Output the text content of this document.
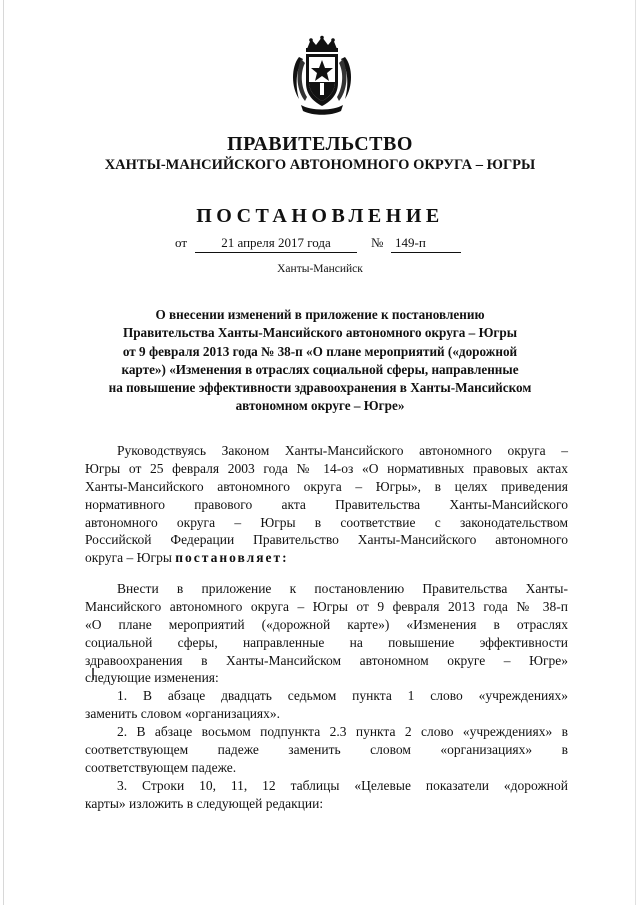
ПРАВИТЕЛЬСТВО
ХАНТЫ-МАНСИЙСКОГО АВТОНОМНОГО ОКРУГА – ЮГРЫ
ПОСТАНОВЛЕНИЕ
от	21 апреля 2017 года	№ 149-п

Ханты-Мансийск

О внесении изменений в приложение к постановлению
Правительства Ханты-Мансийского автономного округа – Югры
от 9 февраля 2013 года № 38-п «О плане мероприятий («дорожной
карте») «Изменения в отраслях социальной сферы, направленные
на повышение эффективности здравоохранения в Ханты-Мансийском
автономном округе – Югре»
Руководствуясь Законом Ханты-Мансийского автономного округа –
Югры от 25 февраля 2003 года № 14-оз «О нормативных правовых актах
Ханты-Мансийского автономного округа – Югры», в целях приведения
нормативного правового акта Правительства Ханты-Мансийского
автономного округа – Югры в соответствие с законодательством
Российской Федерации Правительство Ханты-Мансийского автономного
округа – Югры постановляет:
Внести в приложение к постановлению Правительства Ханты-
Мансийского автономного округа – Югры от 9 февраля 2013 года № 38-п
«О плане мероприятий («дорожной карте») «Изменения в отраслях
социальной сферы, направленные на повышение эффективности
здравоохранения в Ханты-Мансийском автономном округе – Югре»
следующие изменения:
1. В абзаце двадцать седьмом пункта 1 слово «учреждениях»
заменить словом «организациях».
2. В абзаце восьмом подпункта 2.3 пункта 2 слово «учреждениях» в
соответствующем падеже заменить словом «организациях» в
соответствующем падеже.
3. Строки 10, 11, 12 таблицы «Целевые показатели «дорожной
карты» изложить в следующей редакции:
